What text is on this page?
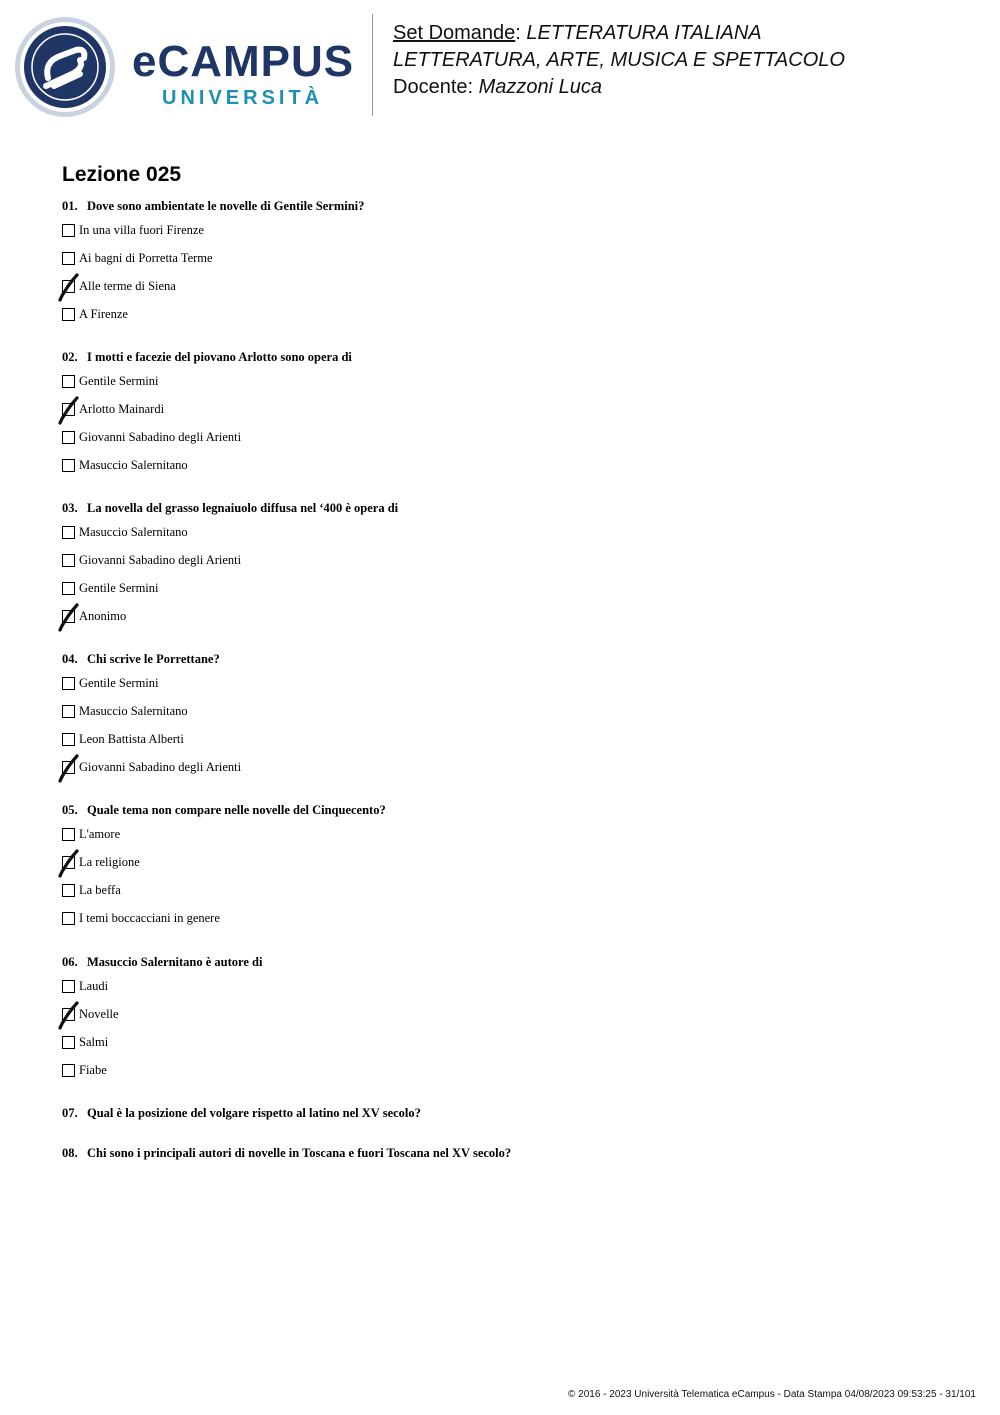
eCAMPUS
UNIVERSITÀ
Set Domande: LETTERATURA ITALIANA
LETTERATURA, ARTE, MUSICA E SPETTACOLO
Docente: Mazzoni Luca
Lezione 025
01. Dove sono ambientate le novelle di Gentile Sermini?
In una villa fuori Firenze
Ai bagni di Porretta Terme
Alle terme di Siena
A Firenze
02. I motti e facezie del piovano Arlotto sono opera di
Gentile Sermini
Arlotto Mainardi
Giovanni Sabadino degli Arienti
Masuccio Salernitano
03. La novella del grasso legnaiuolo diffusa nel ‘400 è opera di
Masuccio Salernitano
Giovanni Sabadino degli Arienti
Gentile Sermini
Anonimo
04. Chi scrive le Porrettane?
Gentile Sermini
Masuccio Salernitano
Leon Battista Alberti
Giovanni Sabadino degli Arienti
05. Quale tema non compare nelle novelle del Cinquecento?
L'amore
La religione
La beffa
I temi boccacciani in genere
06. Masuccio Salernitano è autore di
Laudi
Novelle
Salmi
Fiabe
07. Qual è la posizione del volgare rispetto al latino nel XV secolo?
08. Chi sono i principali autori di novelle in Toscana e fuori Toscana nel XV secolo?
© 2016 - 2023 Università Telematica eCampus - Data Stampa 04/08/2023 09:53:25 - 31/101
